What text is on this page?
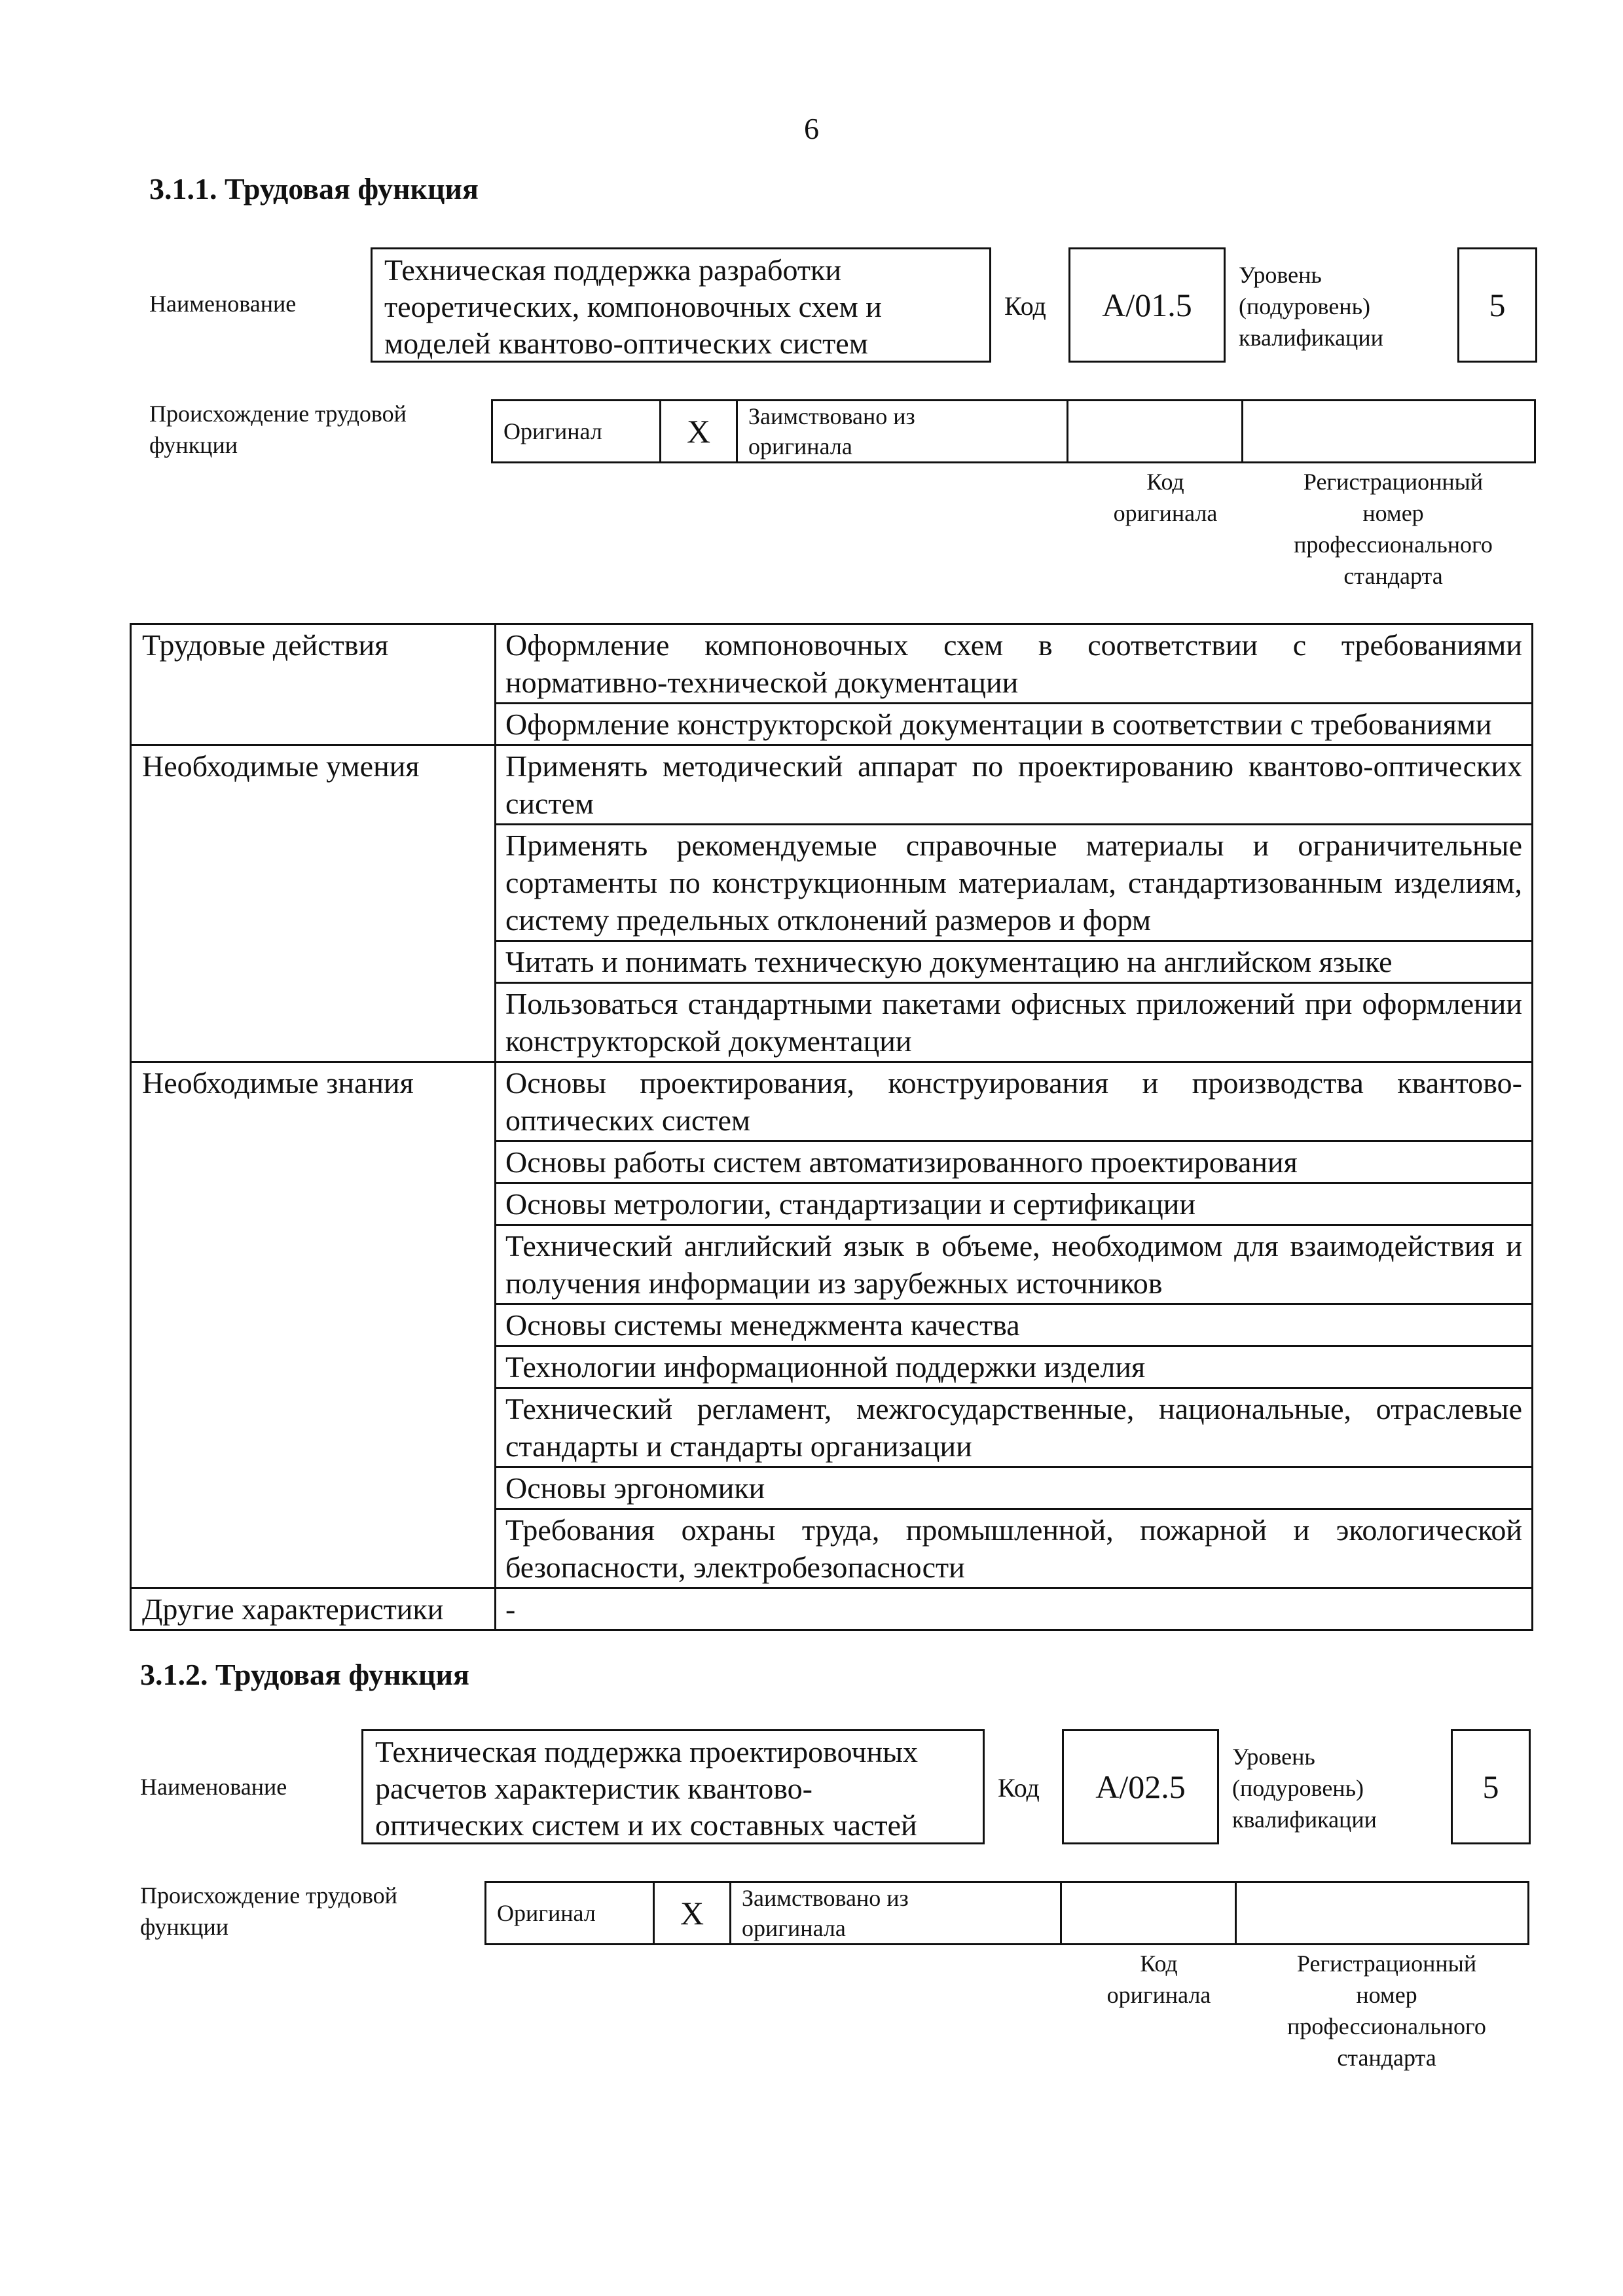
6
3.1.1. Трудовая функция
Наименование
Техническая поддержка разработки
теоретических, компоновочных схем и
моделей квантово-оптических систем
Код	А/01.5
Уровень
(подуровень)
квалификации
5
Происхождение трудовой
функции
Оригинал	X	Заимствовано из
оригинала

Код
оригинала
Регистрационный
номер
профессионального
стандарта
Трудовые действия	Оформление компоновочных схем в соответствии с требованиями нормативно-технической документации
	Оформление конструкторской документации в соответствии с требованиями
Необходимые умения	Применять методический аппарат по проектированию квантово-оптических систем
	Применять рекомендуемые справочные материалы и ограничительные сортаменты по конструкционным материалам, стандартизованным изделиям, систему предельных отклонений размеров и форм
	Читать и понимать техническую документацию на английском языке
	Пользоваться стандартными пакетами офисных приложений при оформлении конструкторской документации
Необходимые знания	Основы проектирования, конструирования и производства квантово-оптических систем
	Основы работы систем автоматизированного проектирования
	Основы метрологии, стандартизации и сертификации
	Технический английский язык в объеме, необходимом для взаимодействия и получения информации из зарубежных источников
	Основы системы менеджмента качества
	Технологии информационной поддержки изделия
	Технический регламент, межгосударственные, национальные, отраслевые стандарты и стандарты организации
	Основы эргономики
	Требования охраны труда, промышленной, пожарной и экологической безопасности, электробезопасности
Другие характеристики	-
3.1.2. Трудовая функция
Наименование
Техническая поддержка проектировочных
расчетов характеристик квантово-
оптических систем и их составных частей
Код	А/02.5
Уровень
(подуровень)
квалификации
5
Происхождение трудовой
функции
Оригинал	X	Заимствовано из
оригинала

Код
оригинала
Регистрационный
номер
профессионального
стандарта
